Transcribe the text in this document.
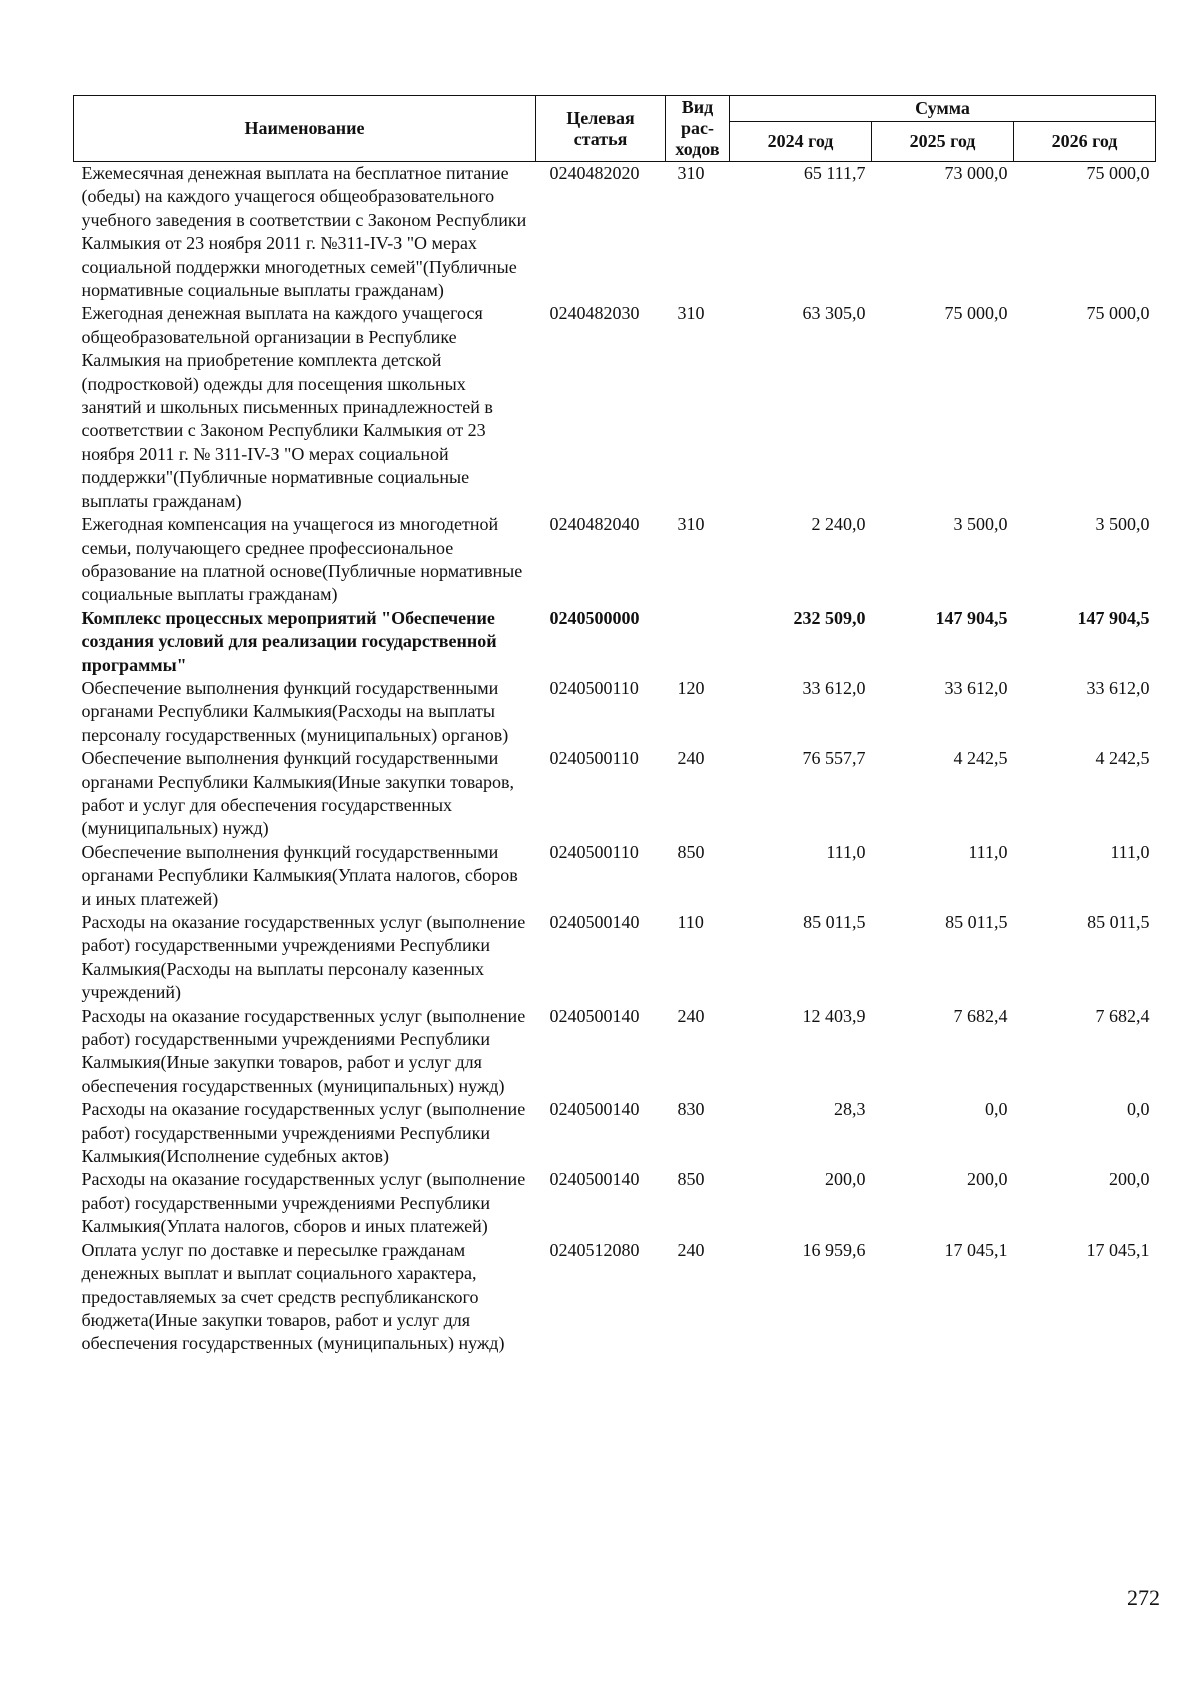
Наименование	Целевая статья	Вид рас-ходов	Сумма		
			2024 год	2025 год	2026 год
Ежемесячная денежная выплата на бесплатное питание (обеды) на каждого учащегося общеобразовательного учебного заведения в соответствии с Законом Республики Калмыкия от 23 ноября 2011 г. №311-IV-З "О мерах социальной поддержки многодетных семей"(Публичные нормативные социальные выплаты гражданам)	0240482020	310	65 111,7	73 000,0	75 000,0
Ежегодная денежная выплата на каждого учащегося общеобразовательной организации в Республике Калмыкия на приобретение комплекта детской (подростковой) одежды для посещения школьных занятий и школьных письменных принадлежностей в соответствии с Законом Республики Калмыкия от 23 ноября 2011 г. № 311-IV-З "О мерах социальной поддержки"(Публичные нормативные социальные выплаты гражданам)	0240482030	310	63 305,0	75 000,0	75 000,0
Ежегодная компенсация на учащегося из многодетной семьи, получающего среднее профессиональное образование на платной основе(Публичные нормативные социальные выплаты гражданам)	0240482040	310	2 240,0	3 500,0	3 500,0
Комплекс процессных мероприятий "Обеспечение создания условий для реализации государственной программы"	0240500000		232 509,0	147 904,5	147 904,5
Обеспечение выполнения функций государственными органами Республики Калмыкия(Расходы на выплаты персоналу государственных (муниципальных) органов)	0240500110	120	33 612,0	33 612,0	33 612,0
Обеспечение выполнения функций государственными органами Республики Калмыкия(Иные закупки товаров, работ и услуг для обеспечения государственных (муниципальных) нужд)	0240500110	240	76 557,7	4 242,5	4 242,5
Обеспечение выполнения функций государственными органами Республики Калмыкия(Уплата налогов, сборов и иных платежей)	0240500110	850	111,0	111,0	111,0
Расходы на оказание государственных услуг (выполнение работ) государственными учреждениями Республики Калмыкия(Расходы на выплаты персоналу казенных учреждений)	0240500140	110	85 011,5	85 011,5	85 011,5
Расходы на оказание государственных услуг (выполнение работ) государственными учреждениями Республики Калмыкия(Иные закупки товаров, работ и услуг для обеспечения государственных (муниципальных) нужд)	0240500140	240	12 403,9	7 682,4	7 682,4
Расходы на оказание государственных услуг (выполнение работ) государственными учреждениями Республики Калмыкия(Исполнение судебных актов)	0240500140	830	28,3	0,0	0,0
Расходы на оказание государственных услуг (выполнение работ) государственными учреждениями Республики Калмыкия(Уплата налогов, сборов и иных платежей)	0240500140	850	200,0	200,0	200,0
Оплата услуг по доставке и пересылке гражданам денежных выплат и выплат социального характера, предоставляемых за счет средств республиканского бюджета(Иные закупки товаров, работ и услуг для обеспечения государственных (муниципальных) нужд)	0240512080	240	16 959,6	17 045,1	17 045,1
272
